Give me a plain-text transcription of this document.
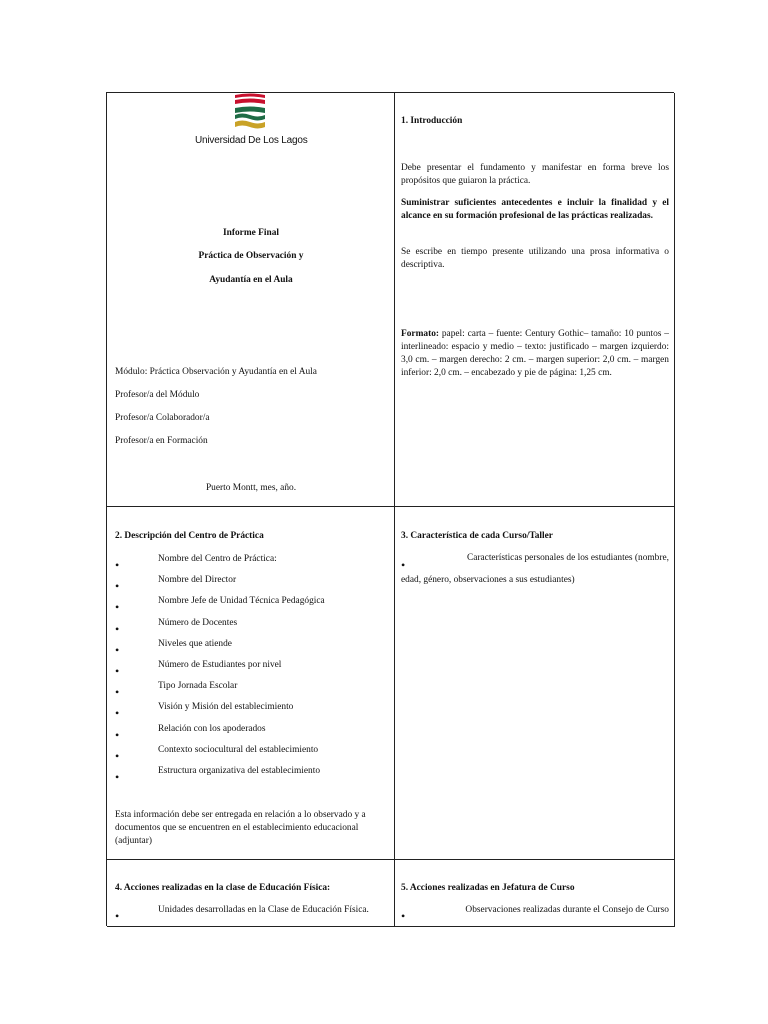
Universidad De Los Lagos
Informe Final
Práctica de Observación y
Ayudantía en el Aula
Módulo: Práctica Observación y Ayudantía en el Aula
Profesor/a del Módulo
Profesor/a Colaborador/a
Profesor/a en Formación
Puerto Montt, mes, año.
1. Introducción
Debe presentar el fundamento y manifestar en forma breve los propósitos que guiaron la práctica.
Suministrar suficientes antecedentes e incluir la finalidad y el alcance en su formación profesional de las prácticas realizadas.
Se escribe en tiempo presente utilizando una prosa informativa o descriptiva.
Formato: papel: carta – fuente: Century Gothic– tamaño: 10 puntos – interlineado: espacio y medio – texto: justificado – margen izquierdo: 3,0 cm. – margen derecho: 2 cm. – margen superior: 2,0 cm. – margen inferior: 2,0 cm. – encabezado y pie de página: 1,25 cm.
2. Descripción del Centro de Práctica
•	Nombre del Centro de Práctica:
•	Nombre del Director
•	Nombre Jefe de Unidad Técnica Pedagógica
•	Número de Docentes
•	Niveles que atiende
•	Número de Estudiantes por nivel
•	Tipo Jornada Escolar
•	Visión y Misión del establecimiento
•	Relación con los apoderados
•	Contexto sociocultural del establecimiento
•	Estructura organizativa del establecimiento
Esta información debe ser entregada en relación a lo observado y a documentos que se encuentren en el establecimiento educacional (adjuntar)
3. Característica de cada Curso/Taller
•	Características personales de los estudiantes (nombre,
edad, género, observaciones a sus estudiantes)
4. Acciones realizadas en la clase de Educación Física:
•	Unidades desarrolladas en la Clase de Educación Física.
5. Acciones realizadas en Jefatura de Curso
•	Observaciones realizadas durante el Consejo de Curso
